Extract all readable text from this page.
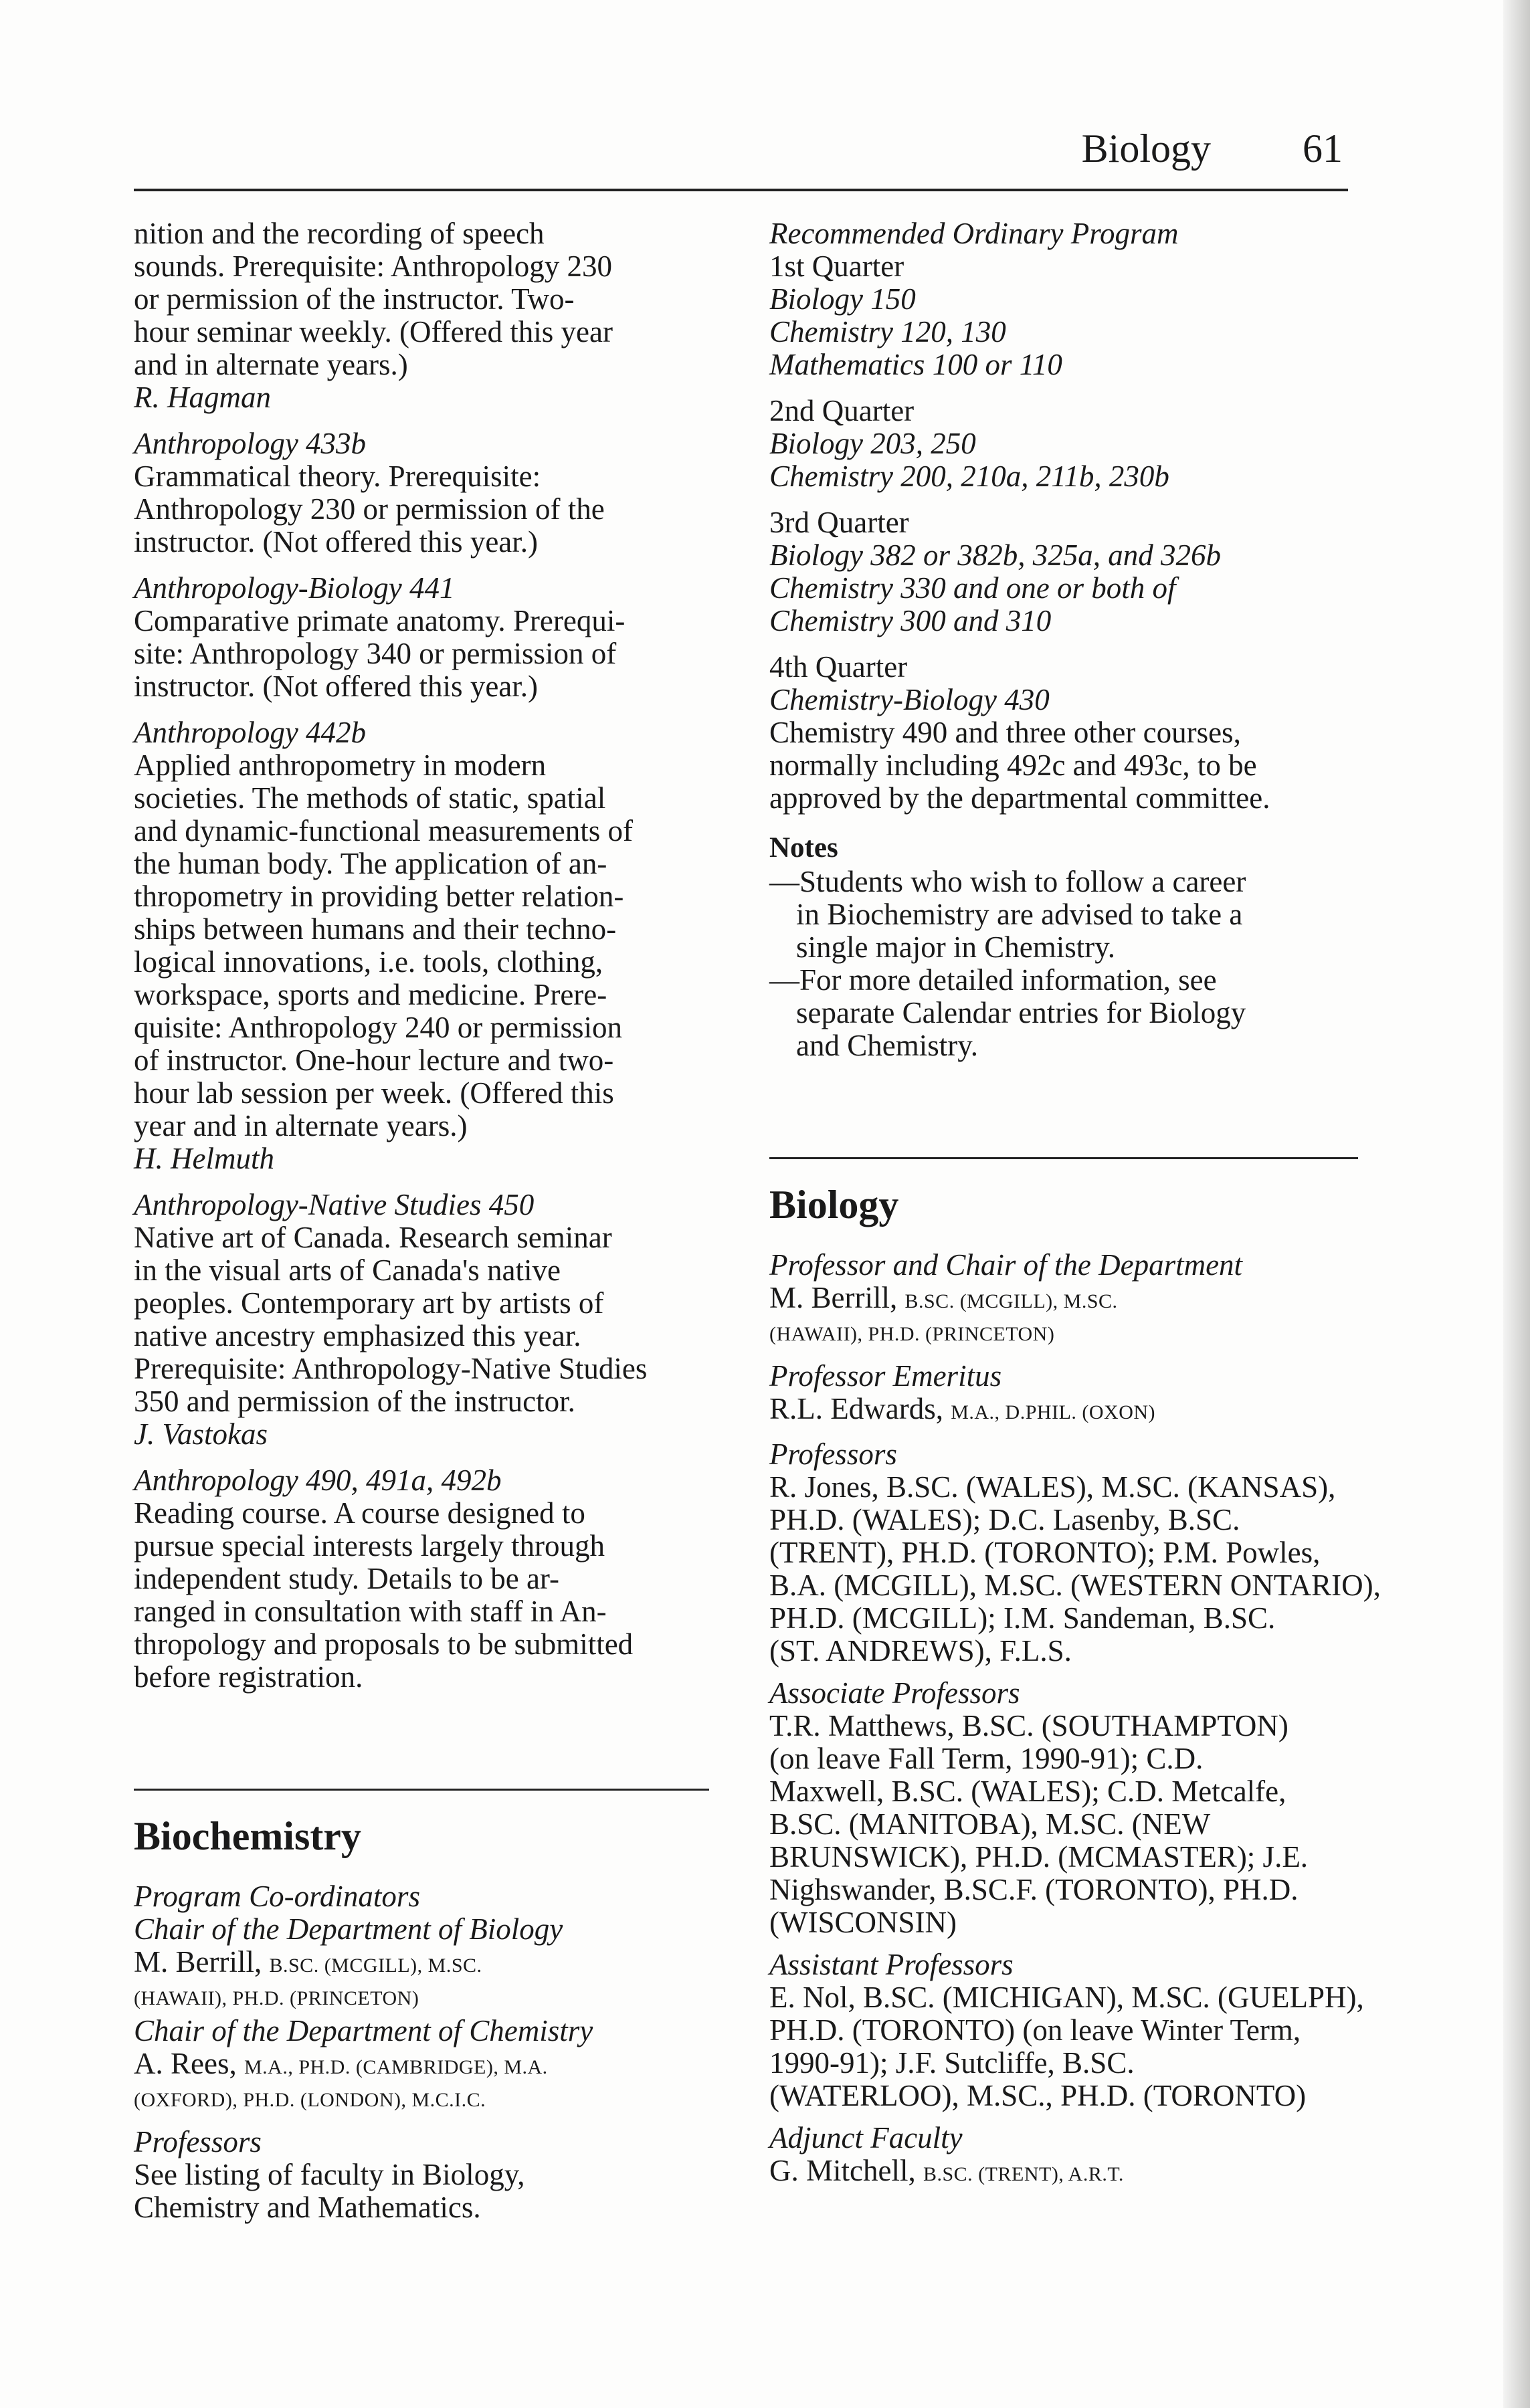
Biology 61
nition and the recording of speech
sounds. Prerequisite: Anthropology 230
or permission of the instructor. Two-
hour seminar weekly. (Offered this year
and in alternate years.)
R. Hagman
Anthropology 433b
Grammatical theory. Prerequisite:
Anthropology 230 or permission of the
instructor. (Not offered this year.)
Anthropology-Biology 441
Comparative primate anatomy. Prerequi-
site: Anthropology 340 or permission of
instructor. (Not offered this year.)
Anthropology 442b
Applied anthropometry in modern
societies. The methods of static, spatial
and dynamic-functional measurements of
the human body. The application of an-
thropometry in providing better relation-
ships between humans and their techno-
logical innovations, i.e. tools, clothing,
workspace, sports and medicine. Prere-
quisite: Anthropology 240 or permission
of instructor. One-hour lecture and two-
hour lab session per week. (Offered this
year and in alternate years.)
H. Helmuth
Anthropology-Native Studies 450
Native art of Canada. Research seminar
in the visual arts of Canada's native
peoples. Contemporary art by artists of
native ancestry emphasized this year.
Prerequisite: Anthropology-Native Studies
350 and permission of the instructor.
J. Vastokas
Anthropology 490, 491a, 492b
Reading course. A course designed to
pursue special interests largely through
independent study. Details to be ar-
ranged in consultation with staff in An-
thropology and proposals to be submitted
before registration.
Biochemistry
Program Co-ordinators
Chair of the Department of Biology
M. Berrill, B.SC. (MCGILL), M.SC.
(HAWAII), PH.D. (PRINCETON)
Chair of the Department of Chemistry
A. Rees, M.A., PH.D. (CAMBRIDGE), M.A.
(OXFORD), PH.D. (LONDON), M.C.I.C.
Professors
See listing of faculty in Biology,
Chemistry and Mathematics.
Recommended Ordinary Program
1st Quarter
Biology 150
Chemistry 120, 130
Mathematics 100 or 110
2nd Quarter
Biology 203, 250
Chemistry 200, 210a, 211b, 230b
3rd Quarter
Biology 382 or 382b, 325a, and 326b
Chemistry 330 and one or both of
Chemistry 300 and 310
4th Quarter
Chemistry-Biology 430
Chemistry 490 and three other courses,
normally including 492c and 493c, to be
approved by the departmental committee.
Notes
—Students who wish to follow a career
in Biochemistry are advised to take a
single major in Chemistry.
—For more detailed information, see
separate Calendar entries for Biology
and Chemistry.
Biology
Professor and Chair of the Department
M. Berrill, B.SC. (MCGILL), M.SC.
(HAWAII), PH.D. (PRINCETON)
Professor Emeritus
R.L. Edwards, M.A., D.PHIL. (OXON)
Professors
R. Jones, B.SC. (WALES), M.SC. (KANSAS),
PH.D. (WALES); D.C. Lasenby, B.SC.
(TRENT), PH.D. (TORONTO); P.M. Powles,
B.A. (MCGILL), M.SC. (WESTERN ONTARIO),
PH.D. (MCGILL); I.M. Sandeman, B.SC.
(ST. ANDREWS), F.L.S.
Associate Professors
T.R. Matthews, B.SC. (SOUTHAMPTON)
(on leave Fall Term, 1990-91); C.D.
Maxwell, B.SC. (WALES); C.D. Metcalfe,
B.SC. (MANITOBA), M.SC. (NEW
BRUNSWICK), PH.D. (MCMASTER); J.E.
Nighswander, B.SC.F. (TORONTO), PH.D.
(WISCONSIN)
Assistant Professors
E. Nol, B.SC. (MICHIGAN), M.SC. (GUELPH),
PH.D. (TORONTO) (on leave Winter Term,
1990-91); J.F. Sutcliffe, B.SC.
(WATERLOO), M.SC., PH.D. (TORONTO)
Adjunct Faculty
G. Mitchell, B.SC. (TRENT), A.R.T.
